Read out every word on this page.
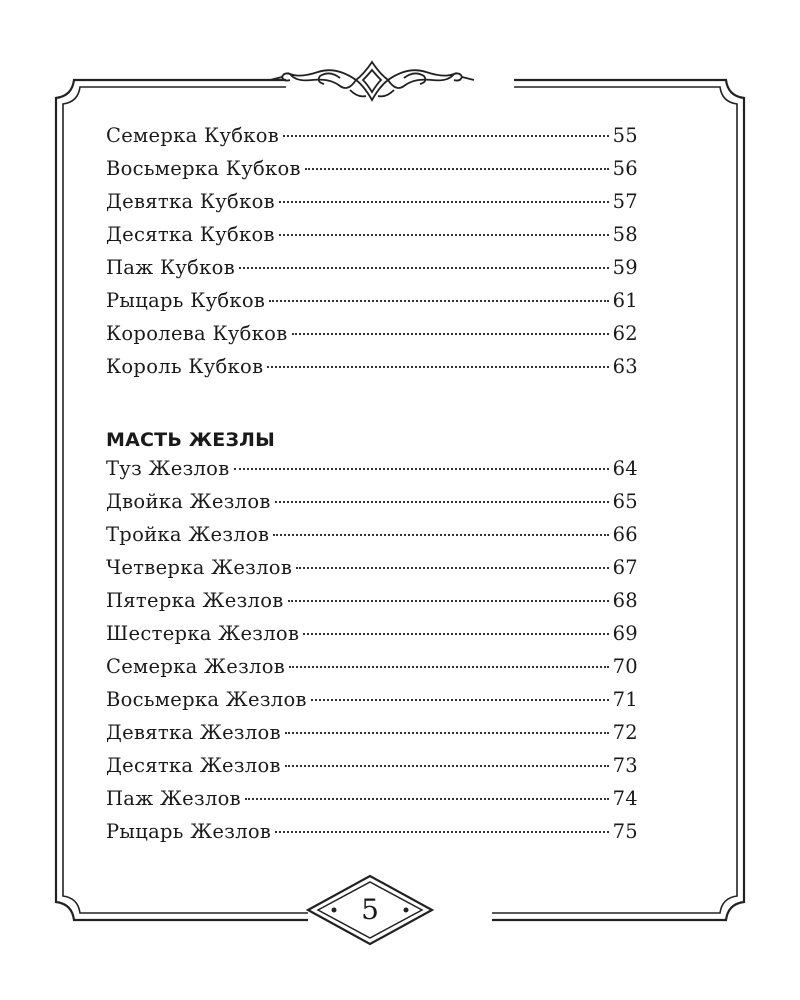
Семерка Кубков	55
Восьмерка Кубков	56
Девятка Кубков	57
Десятка Кубков	58
Паж Кубков	59
Рыцарь Кубков	61
Королева Кубков	62
Король Кубков	63
МАСТЬ ЖЕЗЛЫ
Туз Жезлов	64
Двойка Жезлов	65
Тройка Жезлов	66
Четверка Жезлов	67
Пятерка Жезлов	68
Шестерка Жезлов	69
Семерка Жезлов	70
Восьмерка Жезлов	71
Девятка Жезлов	72
Десятка Жезлов	73
Паж Жезлов	74
Рыцарь Жезлов	75
5
